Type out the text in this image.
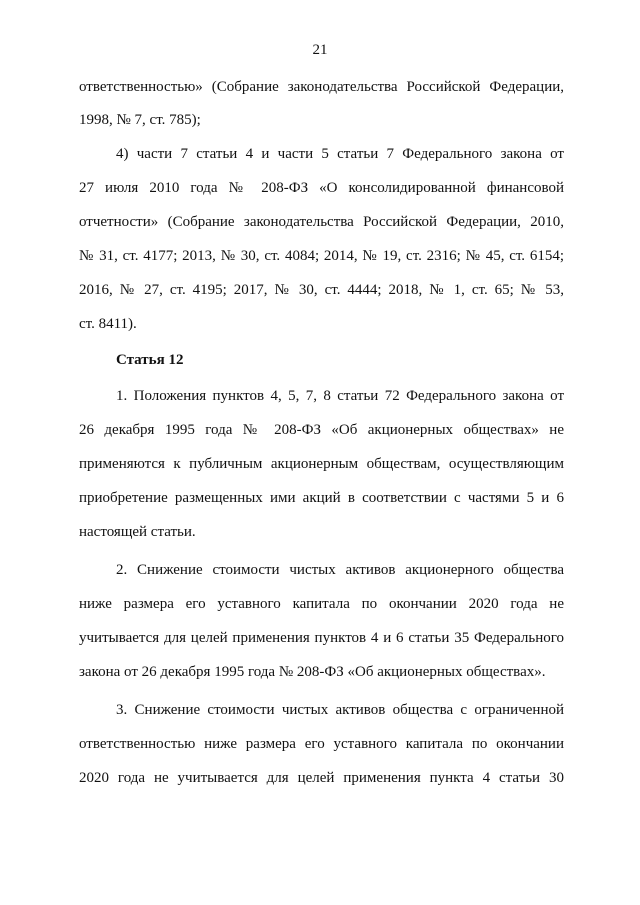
21
ответственностью» (Собрание законодательства Российской Федерации,
1998, № 7, ст. 785);
4) части 7 статьи 4 и части 5 статьи 7 Федерального закона от
27 июля 2010 года № 208-ФЗ «О консолидированной финансовой
отчетности» (Собрание законодательства Российской Федерации, 2010,
№ 31, ст. 4177; 2013, № 30, ст. 4084; 2014, № 19, ст. 2316; № 45, ст. 6154;
2016, № 27, ст. 4195; 2017, № 30, ст. 4444; 2018, № 1, ст. 65; № 53,
ст. 8411).
Статья 12
1. Положения пунктов 4, 5, 7, 8 статьи 72 Федерального закона от
26 декабря 1995 года № 208-ФЗ «Об акционерных обществах» не
применяются к публичным акционерным обществам, осуществляющим
приобретение размещенных ими акций в соответствии с частями 5 и 6
настоящей статьи.
2. Снижение стоимости чистых активов акционерного общества
ниже размера его уставного капитала по окончании 2020 года не
учитывается для целей применения пунктов 4 и 6 статьи 35 Федерального
закона от 26 декабря 1995 года № 208-ФЗ «Об акционерных обществах».
3. Снижение стоимости чистых активов общества с ограниченной
ответственностью ниже размера его уставного капитала по окончании
2020 года не учитывается для целей применения пункта 4 статьи 30
